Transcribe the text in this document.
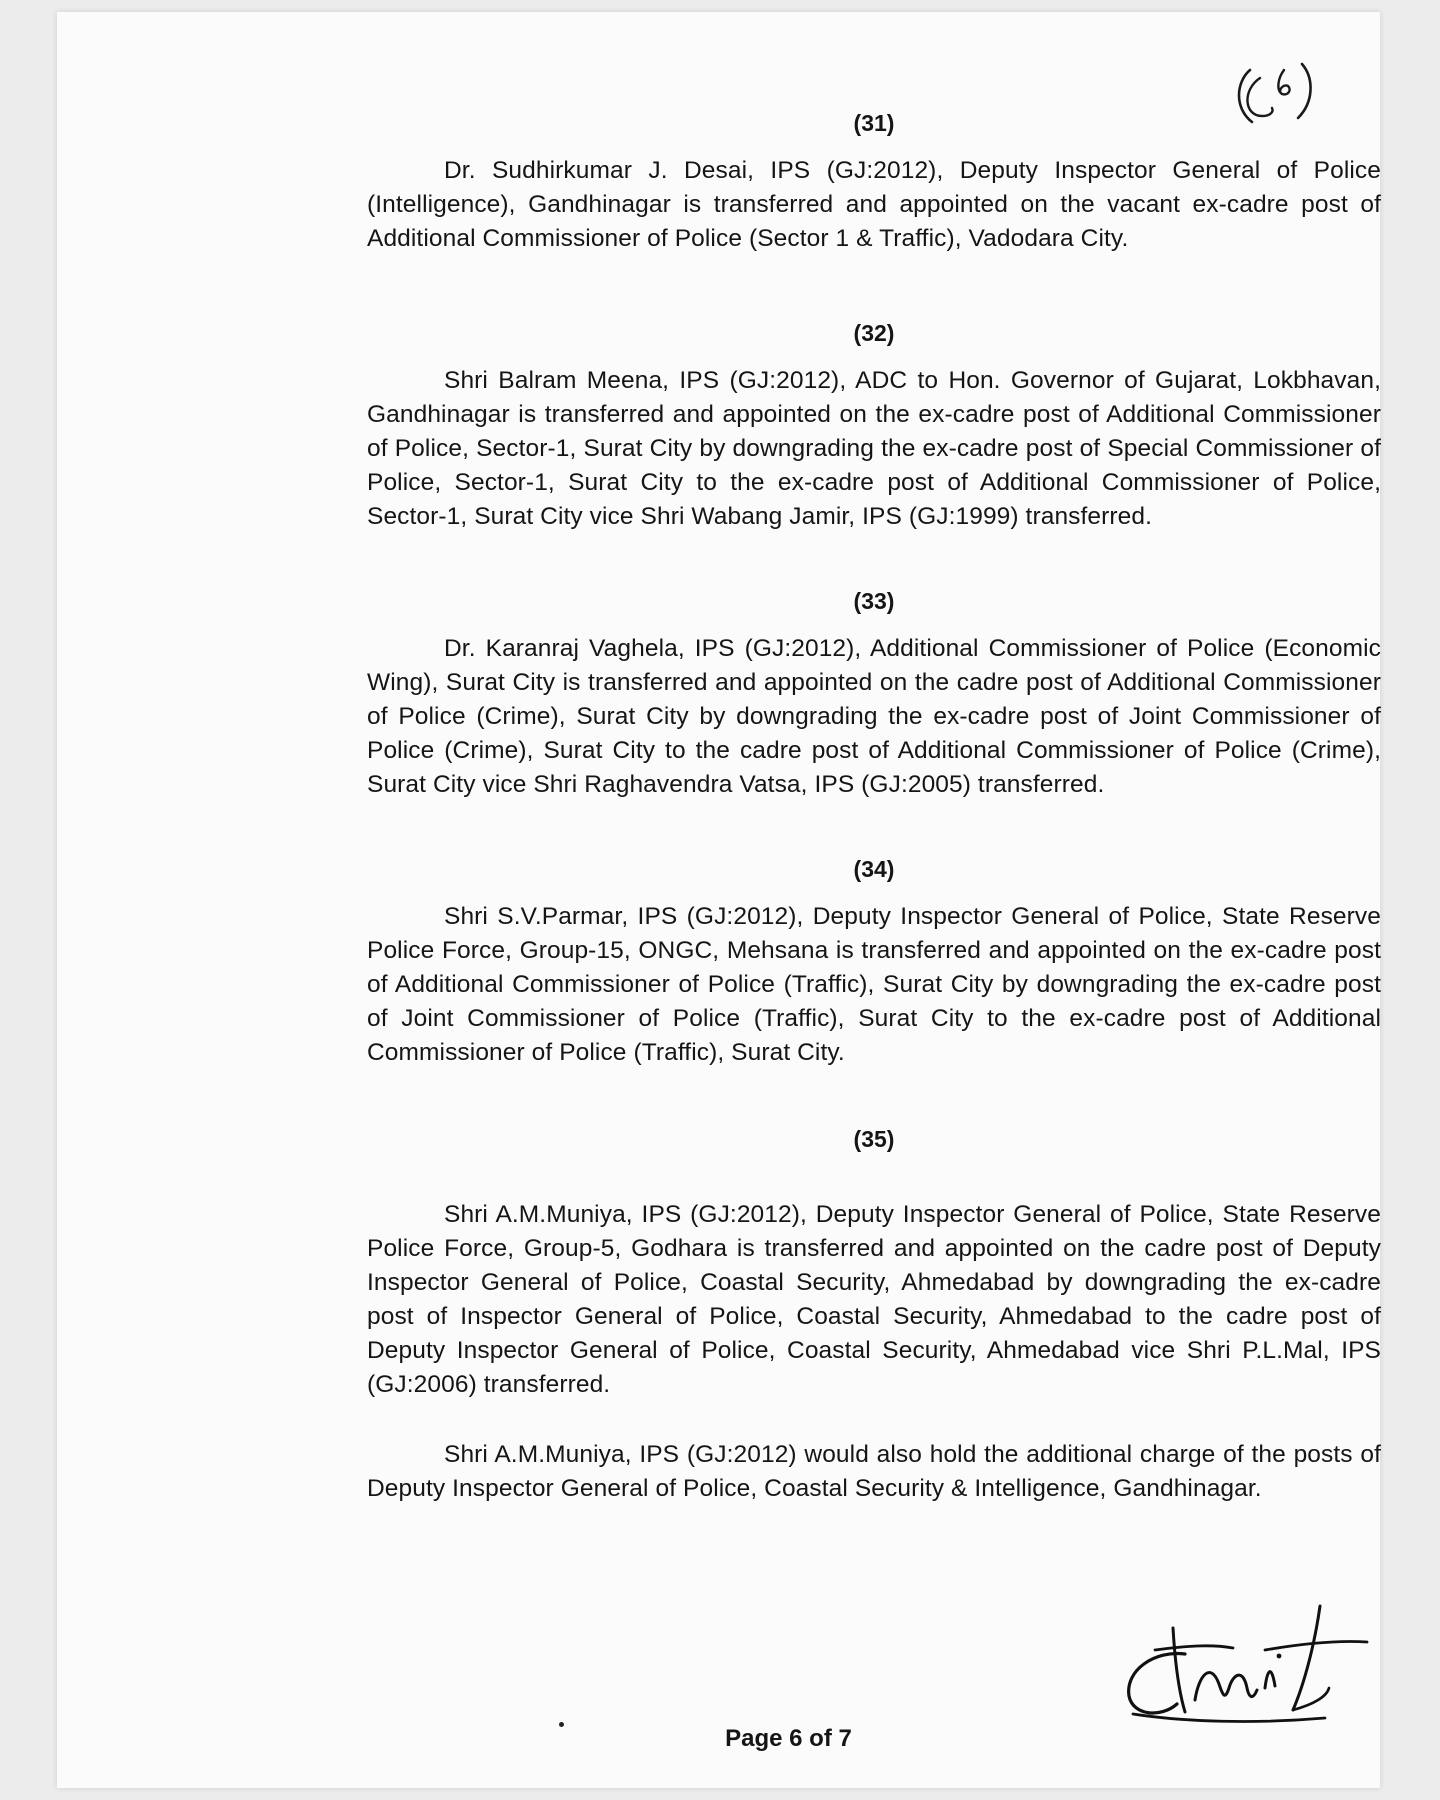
(31)

Dr. Sudhirkumar J. Desai, IPS (GJ:2012), Deputy Inspector General of Police (Intelligence), Gandhinagar is transferred and appointed on the vacant ex-cadre post of Additional Commissioner of Police (Sector 1 & Traffic), Vadodara City.

(32)

Shri Balram Meena, IPS (GJ:2012), ADC to Hon. Governor of Gujarat, Lokbhavan, Gandhinagar is transferred and appointed on the ex-cadre post of Additional Commissioner of Police, Sector-1, Surat City by downgrading the ex-cadre post of Special Commissioner of Police, Sector-1, Surat City to the ex-cadre post of Additional Commissioner of Police, Sector-1, Surat City vice Shri Wabang Jamir, IPS (GJ:1999) transferred.

(33)

Dr. Karanraj Vaghela, IPS (GJ:2012), Additional Commissioner of Police (Economic Wing), Surat City is transferred and appointed on the cadre post of Additional Commissioner of Police (Crime), Surat City by downgrading the ex-cadre post of Joint Commissioner of Police (Crime), Surat City to the cadre post of Additional Commissioner of Police (Crime), Surat City vice Shri Raghavendra Vatsa, IPS (GJ:2005) transferred.

(34)

Shri S.V.Parmar, IPS (GJ:2012), Deputy Inspector General of Police, State Reserve Police Force, Group-15, ONGC, Mehsana is transferred and appointed on the ex-cadre post of Additional Commissioner of Police (Traffic), Surat City by downgrading the ex-cadre post of Joint Commissioner of Police (Traffic), Surat City to the ex-cadre post of Additional Commissioner of Police (Traffic), Surat City.

(35)

Shri A.M.Muniya, IPS (GJ:2012), Deputy Inspector General of Police, State Reserve Police Force, Group-5, Godhara is transferred and appointed on the cadre post of Deputy Inspector General of Police, Coastal Security, Ahmedabad by downgrading the ex-cadre post of Inspector General of Police, Coastal Security, Ahmedabad to the cadre post of Deputy Inspector General of Police, Coastal Security, Ahmedabad vice Shri P.L.Mal, IPS (GJ:2006) transferred.

Shri A.M.Muniya, IPS (GJ:2012) would also hold the additional charge of the posts of Deputy Inspector General of Police, Coastal Security & Intelligence, Gandhinagar.

Page 6 of 7
